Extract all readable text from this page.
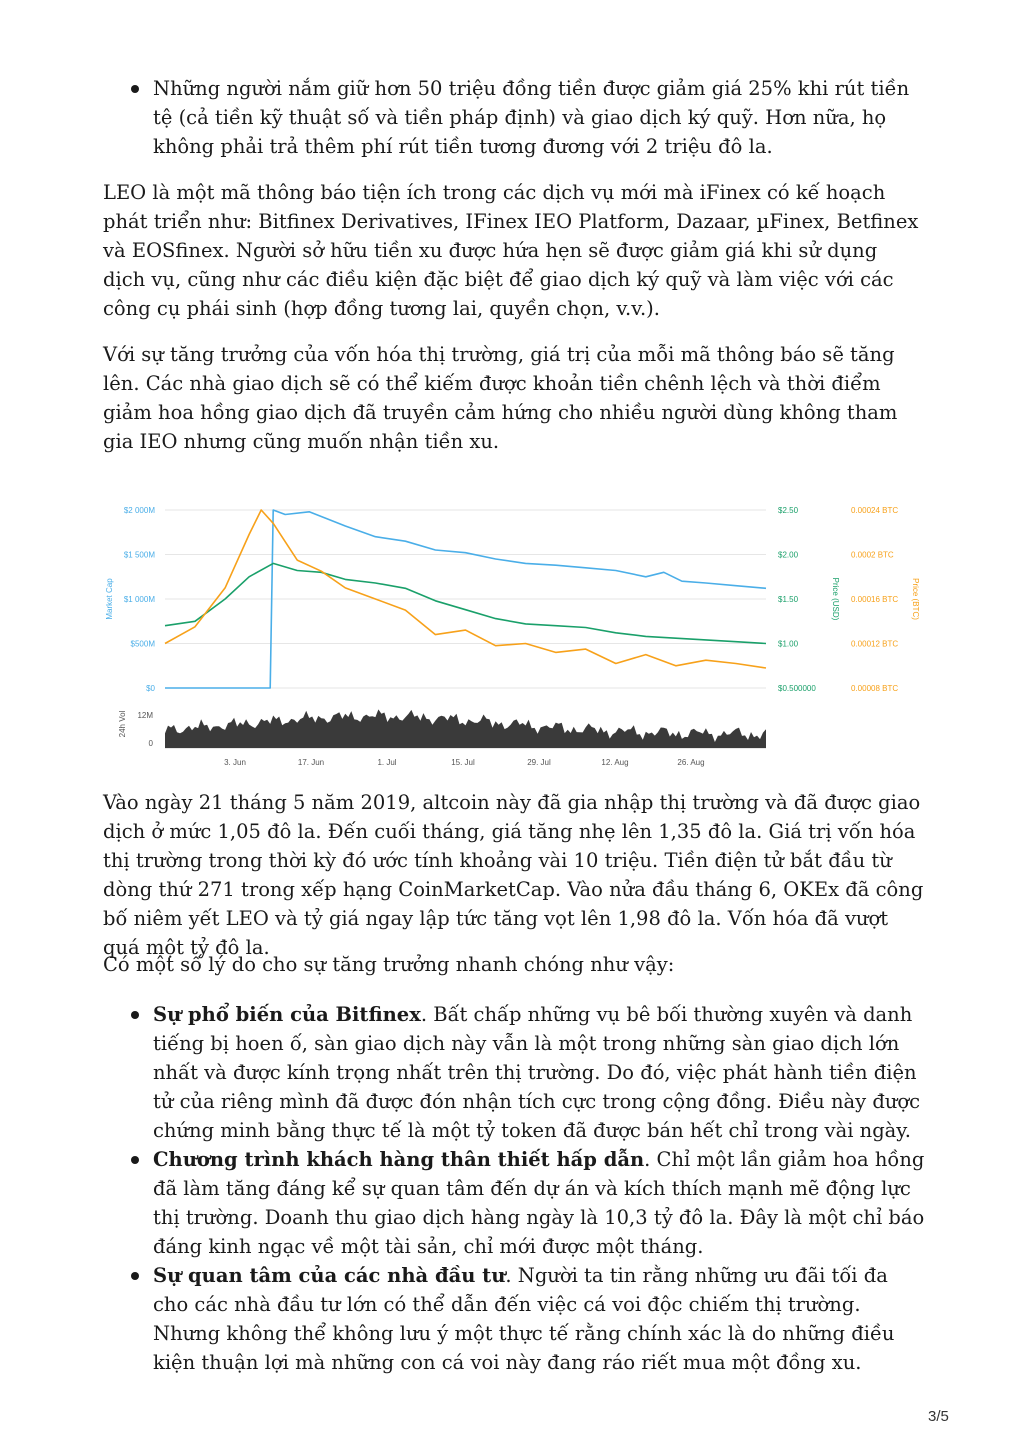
Những người nắm giữ hơn 50 triệu đồng tiền được giảm giá 25% khi rút tiền tệ (cả tiền kỹ thuật số và tiền pháp định) và giao dịch ký quỹ. Hơn nữa, họ không phải trả thêm phí rút tiền tương đương với 2 triệu đô la.

LEO là một mã thông báo tiện ích trong các dịch vụ mới mà iFinex có kế hoạch phát triển như: Bitfinex Derivatives, IFinex IEO Platform, Dazaar, µFinex, Betfinex và EOSfinex. Người sở hữu tiền xu được hứa hẹn sẽ được giảm giá khi sử dụng dịch vụ, cũng như các điều kiện đặc biệt để giao dịch ký quỹ và làm việc với các công cụ phái sinh (hợp đồng tương lai, quyền chọn, v.v.).

Với sự tăng trưởng của vốn hóa thị trường, giá trị của mỗi mã thông báo sẽ tăng lên. Các nhà giao dịch sẽ có thể kiếm được khoản tiền chênh lệch và thời điểm giảm hoa hồng giao dịch đã truyền cảm hứng cho nhiều người dùng không tham gia IEO nhưng cũng muốn nhận tiền xu.

$2 000M
$1 500M
$1 000M
$500M
$0
$2.50
$2.00
$1.50
$1.00
$0.500000
0.00024 BTC
0.0002 BTC
0.00016 BTC
0.00012 BTC
0.00008 BTC
Market Cap	Price (USD)	Price (BTC)
24h Vol 12M
0
3. Jun	17. Jun	1. Jul	15. Jul	29. Jul	12. Aug	26. Aug

Vào ngày 21 tháng 5 năm 2019, altcoin này đã gia nhập thị trường và đã được giao dịch ở mức 1,05 đô la. Đến cuối tháng, giá tăng nhẹ lên 1,35 đô la. Giá trị vốn hóa thị trường trong thời kỳ đó ước tính khoảng vài 10 triệu. Tiền điện tử bắt đầu từ dòng thứ 271 trong xếp hạng CoinMarketCap. Vào nửa đầu tháng 6, OKEx đã công bố niêm yết LEO và tỷ giá ngay lập tức tăng vọt lên 1,98 đô la. Vốn hóa đã vượt quá một tỷ đô la.

Có một số lý do cho sự tăng trưởng nhanh chóng như vậy:

Sự phổ biến của Bitfinex. Bất chấp những vụ bê bối thường xuyên và danh tiếng bị hoen ố, sàn giao dịch này vẫn là một trong những sàn giao dịch lớn nhất và được kính trọng nhất trên thị trường. Do đó, việc phát hành tiền điện tử của riêng mình đã được đón nhận tích cực trong cộng đồng. Điều này được chứng minh bằng thực tế là một tỷ token đã được bán hết chỉ trong vài ngày.
Chương trình khách hàng thân thiết hấp dẫn. Chỉ một lần giảm hoa hồng đã làm tăng đáng kể sự quan tâm đến dự án và kích thích mạnh mẽ động lực thị trường. Doanh thu giao dịch hàng ngày là 10,3 tỷ đô la. Đây là một chỉ báo đáng kinh ngạc về một tài sản, chỉ mới được một tháng.
Sự quan tâm của các nhà đầu tư. Người ta tin rằng những ưu đãi tối đa cho các nhà đầu tư lớn có thể dẫn đến việc cá voi độc chiếm thị trường. Nhưng không thể không lưu ý một thực tế rằng chính xác là do những điều kiện thuận lợi mà những con cá voi này đang ráo riết mua một đồng xu.
3/5
